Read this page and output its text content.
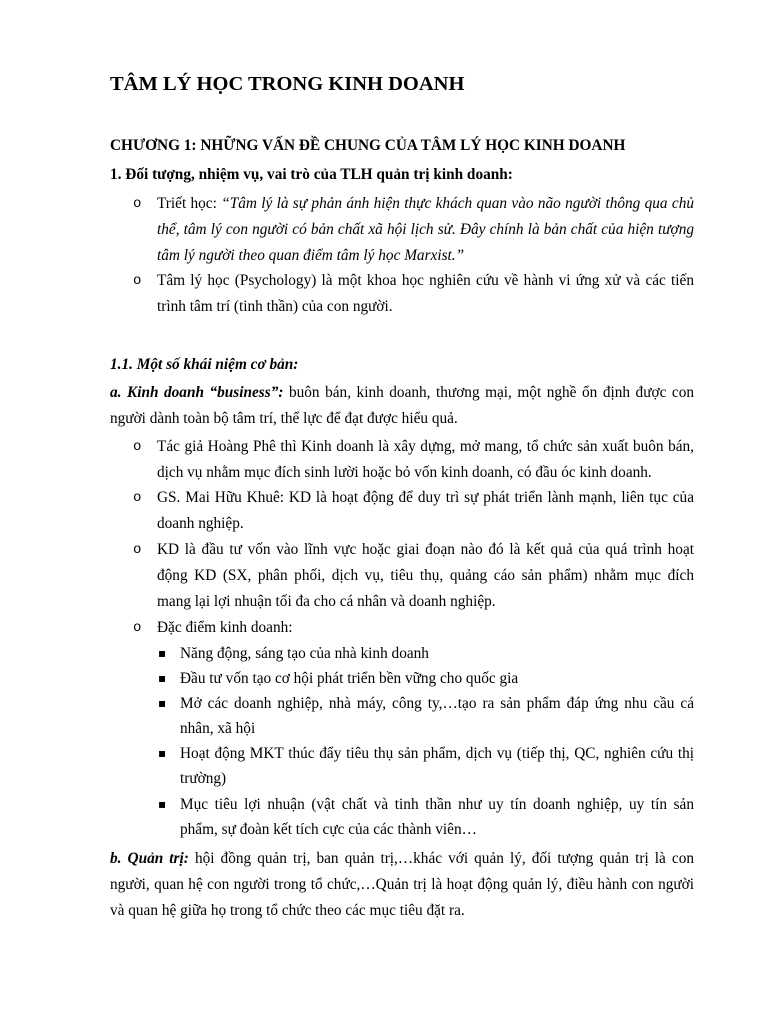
TÂM LÝ HỌC TRONG KINH DOANH
CHƯƠNG 1: NHỮNG VẤN ĐỀ CHUNG CỦA TÂM LÝ HỌC KINH DOANH
1. Đối tượng, nhiệm vụ, vai trò của TLH quản trị kinh doanh:
o Triết học: “Tâm lý là sự phản ánh hiện thực khách quan vào não người thông qua chủ
thể, tâm lý con người có bản chất xã hội lịch sử. Đây chính là bản chất của hiện tượng
tâm lý người theo quan điểm tâm lý học Marxist.”
o Tâm lý học (Psychology) là một khoa học nghiên cứu về hành vi ứng xử và các tiến
trình tâm trí (tinh thần) của con người.
1.1. Một số khái niệm cơ bản:
a. Kinh doanh “business”: buôn bán, kinh doanh, thương mại, một nghề ổn định được con
người dành toàn bộ tâm trí, thể lực để đạt được hiểu quả.
o Tác giả Hoàng Phê thì Kinh doanh là xây dựng, mở mang, tổ chức sản xuất buôn bán,
dịch vụ nhằm mục đích sinh lười hoặc bỏ vốn kinh doanh, có đầu óc kinh doanh.
o GS. Mai Hữu Khuê: KD là hoạt động để duy trì sự phát triển lành mạnh, liên tục của
doanh nghiệp.
o KD là đầu tư vốn vào lĩnh vực hoặc giai đoạn nào đó là kết quả của quá trình hoạt
động KD (SX, phân phối, dịch vụ, tiêu thụ, quảng cáo sản phẩm) nhằm mục đích
mang lại lợi nhuận tối đa cho cá nhân và doanh nghiệp.
o Đặc điểm kinh doanh:
▪ Năng động, sáng tạo của nhà kinh doanh
▪ Đầu tư vốn tạo cơ hội phát triển bền vững cho quốc gia
▪ Mở các doanh nghiệp, nhà máy, công ty,…tạo ra sản phẩm đáp ứng nhu cầu cá
nhân, xã hội
▪ Hoạt động MKT thúc đẩy tiêu thụ sản phẩm, dịch vụ (tiếp thị, QC, nghiên cứu thị
trường)
▪ Mục tiêu lợi nhuận (vật chất và tinh thần như uy tín doanh nghiệp, uy tín sản
phẩm, sự đoàn kết tích cực của các thành viên…
b. Quản trị: hội đồng quản trị, ban quản trị,…khác với quản lý, đối tượng quản trị là con
người, quan hệ con người trong tổ chức,…Quản trị là hoạt động quản lý, điều hành con người
và quan hệ giữa họ trong tổ chức theo các mục tiêu đặt ra.
